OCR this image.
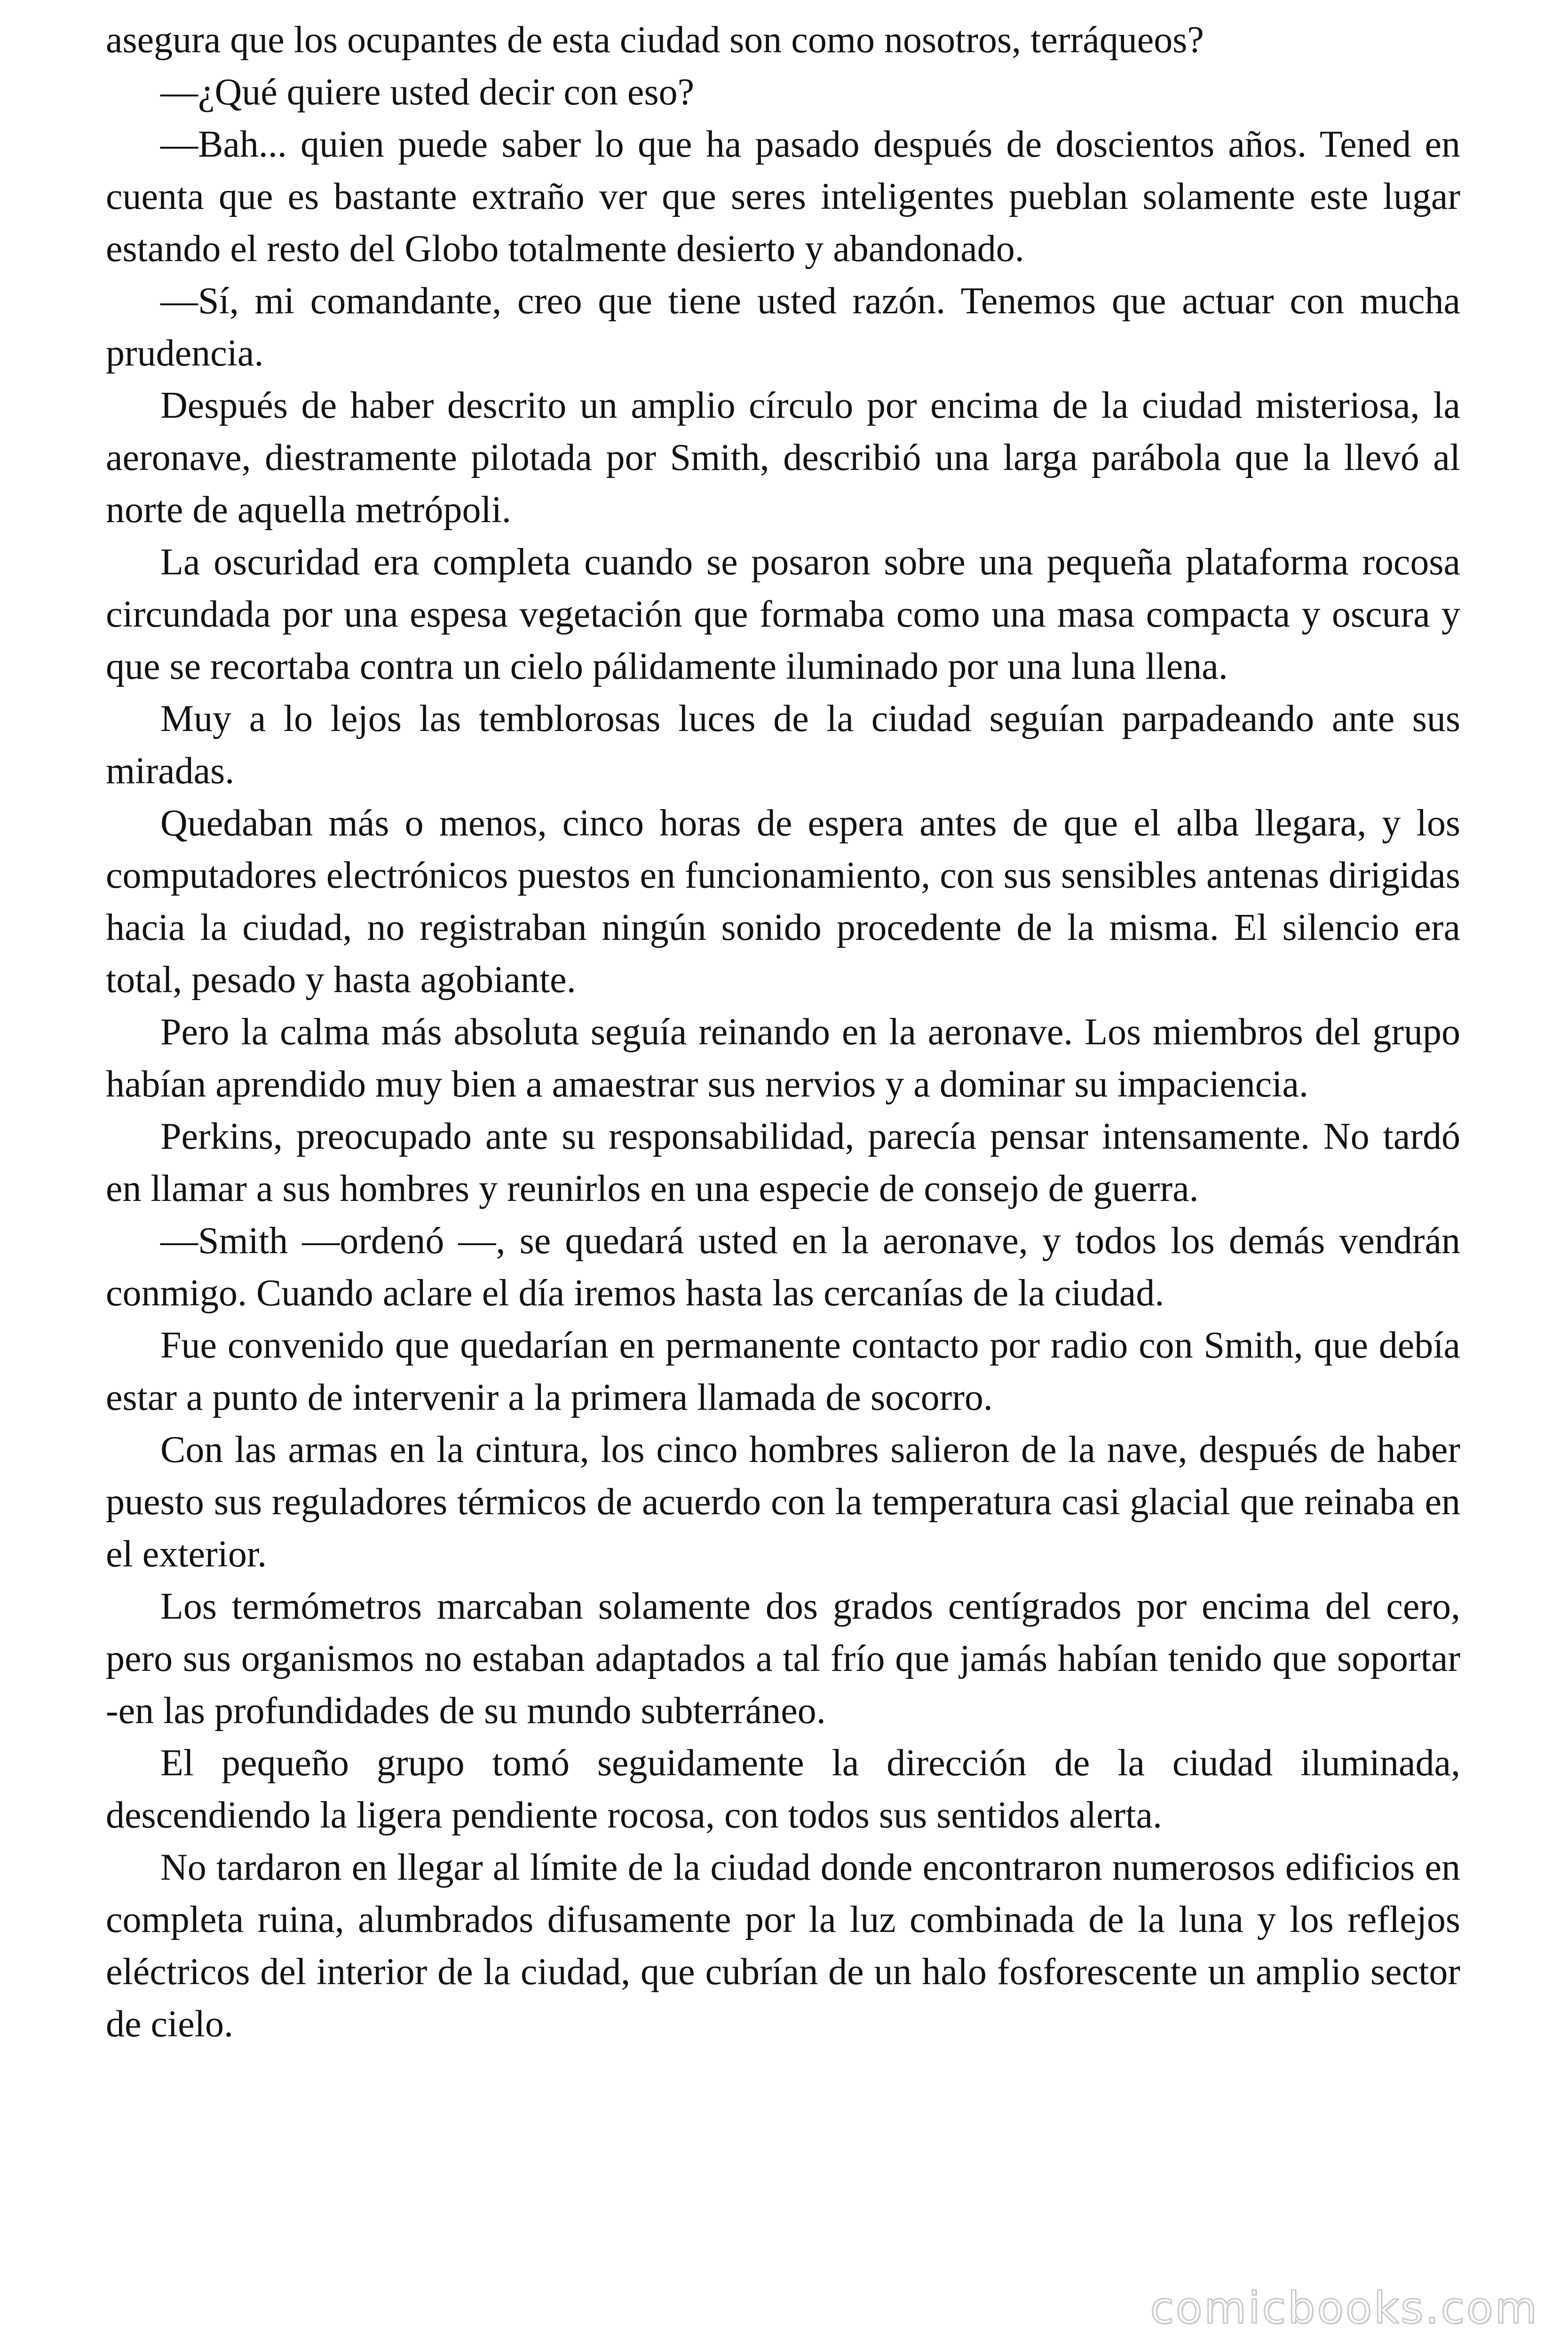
asegura que los ocupantes de esta ciudad son como nosotros, terráqueos?

—¿Qué quiere usted decir con eso?

—Bah... quien puede saber lo que ha pasado después de doscientos años. Tened en cuenta que es bastante extraño ver que seres inteligentes pueblan solamente este lugar estando el resto del Globo totalmente desierto y abandonado.

—Sí, mi comandante, creo que tiene usted razón. Tenemos que actuar con mucha prudencia.

Después de haber descrito un amplio círculo por encima de la ciudad misteriosa, la aeronave, diestramente pilotada por Smith, describió una larga parábola que la llevó al norte de aquella metrópoli.

La oscuridad era completa cuando se posaron sobre una pequeña plataforma rocosa circundada por una espesa vegetación que formaba como una masa compacta y oscura y que se recortaba contra un cielo pálidamente iluminado por una luna llena.

Muy a lo lejos las temblorosas luces de la ciudad seguían parpadeando ante sus miradas.

Quedaban más o menos, cinco horas de espera antes de que el alba llegara, y los computadores electrónicos puestos en funcionamiento, con sus sensibles antenas dirigidas hacia la ciudad, no registraban ningún sonido procedente de la misma. El silencio era total, pesado y hasta agobiante.

Pero la calma más absoluta seguía reinando en la aeronave. Los miembros del grupo habían aprendido muy bien a amaestrar sus nervios y a dominar su impaciencia.

Perkins, preocupado ante su responsabilidad, parecía pensar intensamente. No tardó en llamar a sus hombres y reunirlos en una especie de consejo de guerra.

—Smith —ordenó —, se quedará usted en la aeronave, y todos los demás vendrán conmigo. Cuando aclare el día iremos hasta las cercanías de la ciudad.

Fue convenido que quedarían en permanente contacto por radio con Smith, que debía estar a punto de intervenir a la primera llamada de socorro.

Con las armas en la cintura, los cinco hombres salieron de la nave, después de haber puesto sus reguladores térmicos de acuerdo con la temperatura casi glacial que reinaba en el exterior.

Los termómetros marcaban solamente dos grados centígrados por encima del cero, pero sus organismos no estaban adaptados a tal frío que jamás habían tenido que soportar -en las profundidades de su mundo subterráneo.

El pequeño grupo tomó seguidamente la dirección de la ciudad iluminada, descendiendo la ligera pendiente rocosa, con todos sus sentidos alerta.

No tardaron en llegar al límite de la ciudad donde encontraron numerosos edificios en completa ruina, alumbrados difusamente por la luz combinada de la luna y los reflejos eléctricos del interior de la ciudad, que cubrían de un halo fosforescente un amplio sector de cielo.

comicbooks.com
